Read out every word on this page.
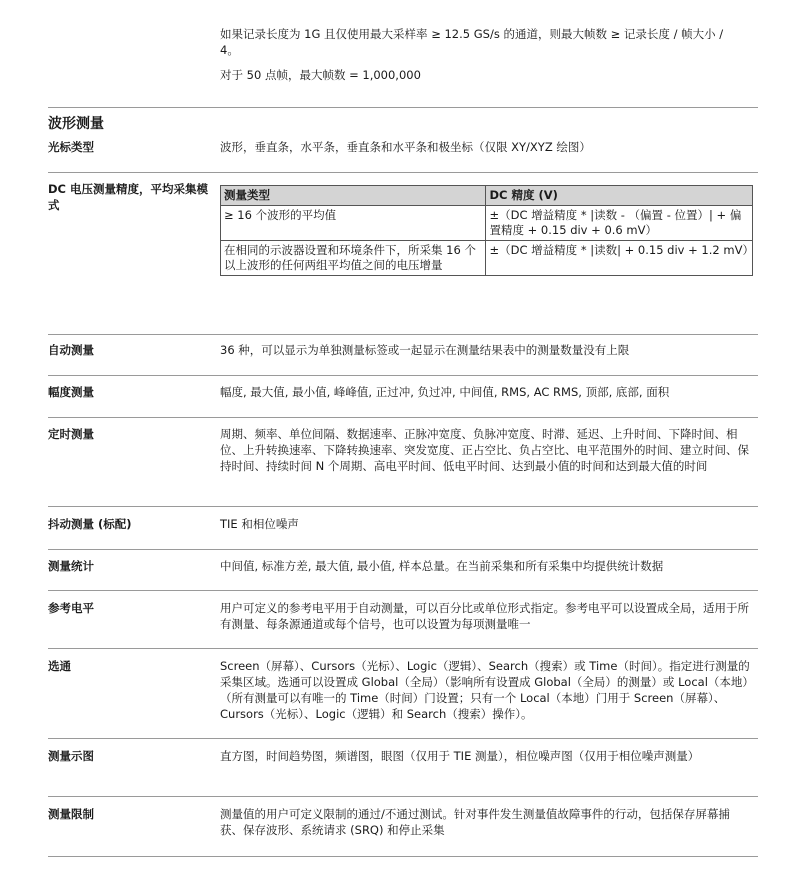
如果记录长度为 1G 且仅使用最大采样率 ≥ 12.5 GS/s 的通道，则最大帧数 ≥ 记录长度 / 帧大小 / 4。

对于 50 点帧，最大帧数 = 1,000,000

波形测量
光标类型	波形，垂直条，水平条，垂直条和水平条和极坐标（仅限 XY/XYZ 绘图）
DC 电压测量精度，平均采集模式
测量类型	DC 精度 (V)
≥ 16 个波形的平均值	±（DC 增益精度 * |读数 - （偏置 - 位置）| + 偏置精度 + 0.15 div + 0.6 mV）
在相同的示波器设置和环境条件下，所采集 16 个以上波形的任何两组平均值之间的电压增量	±（DC 增益精度 * |读数| + 0.15 div + 1.2 mV）
自动测量	36 种，可以显示为单独测量标签或一起显示在测量结果表中的测量数量没有上限
幅度测量	幅度, 最大值, 最小值, 峰峰值, 正过冲, 负过冲, 中间值, RMS, AC RMS, 顶部, 底部, 面积
定时测量	周期、频率、单位间隔、数据速率、正脉冲宽度、负脉冲宽度、时滞、延迟、上升时间、下降时间、相位、上升转换速率、下降转换速率、突发宽度、正占空比、负占空比、电平范围外的时间、建立时间、保持时间、持续时间 N 个周期、高电平时间、低电平时间、达到最小值的时间和达到最大值的时间
抖动测量 (标配)	TIE 和相位噪声
测量统计	中间值, 标准方差, 最大值, 最小值, 样本总量。在当前采集和所有采集中均提供统计数据
参考电平	用户可定义的参考电平用于自动测量，可以百分比或单位形式指定。参考电平可以设置成全局，适用于所有测量、每条源通道或每个信号，也可以设置为每项测量唯一
选通	Screen（屏幕）、Cursors（光标）、Logic（逻辑）、Search（搜索）或 Time（时间）。指定进行测量的采集区域。选通可以设置成 Global（全局）（影响所有设置成 Global（全局）的测量）或 Local（本地）（所有测量可以有唯一的 Time（时间）门设置；只有一个 Local（本地）门用于 Screen（屏幕）、Cursors（光标）、Logic（逻辑）和 Search（搜索）操作）。
测量示图	直方图，时间趋势图，频谱图，眼图（仅用于 TIE 测量），相位噪声图（仅用于相位噪声测量）
测量限制	测量值的用户可定义限制的通过/不通过测试。针对事件发生测量值故障事件的行动，包括保存屏幕捕获、保存波形、系统请求 (SRQ) 和停止采集
